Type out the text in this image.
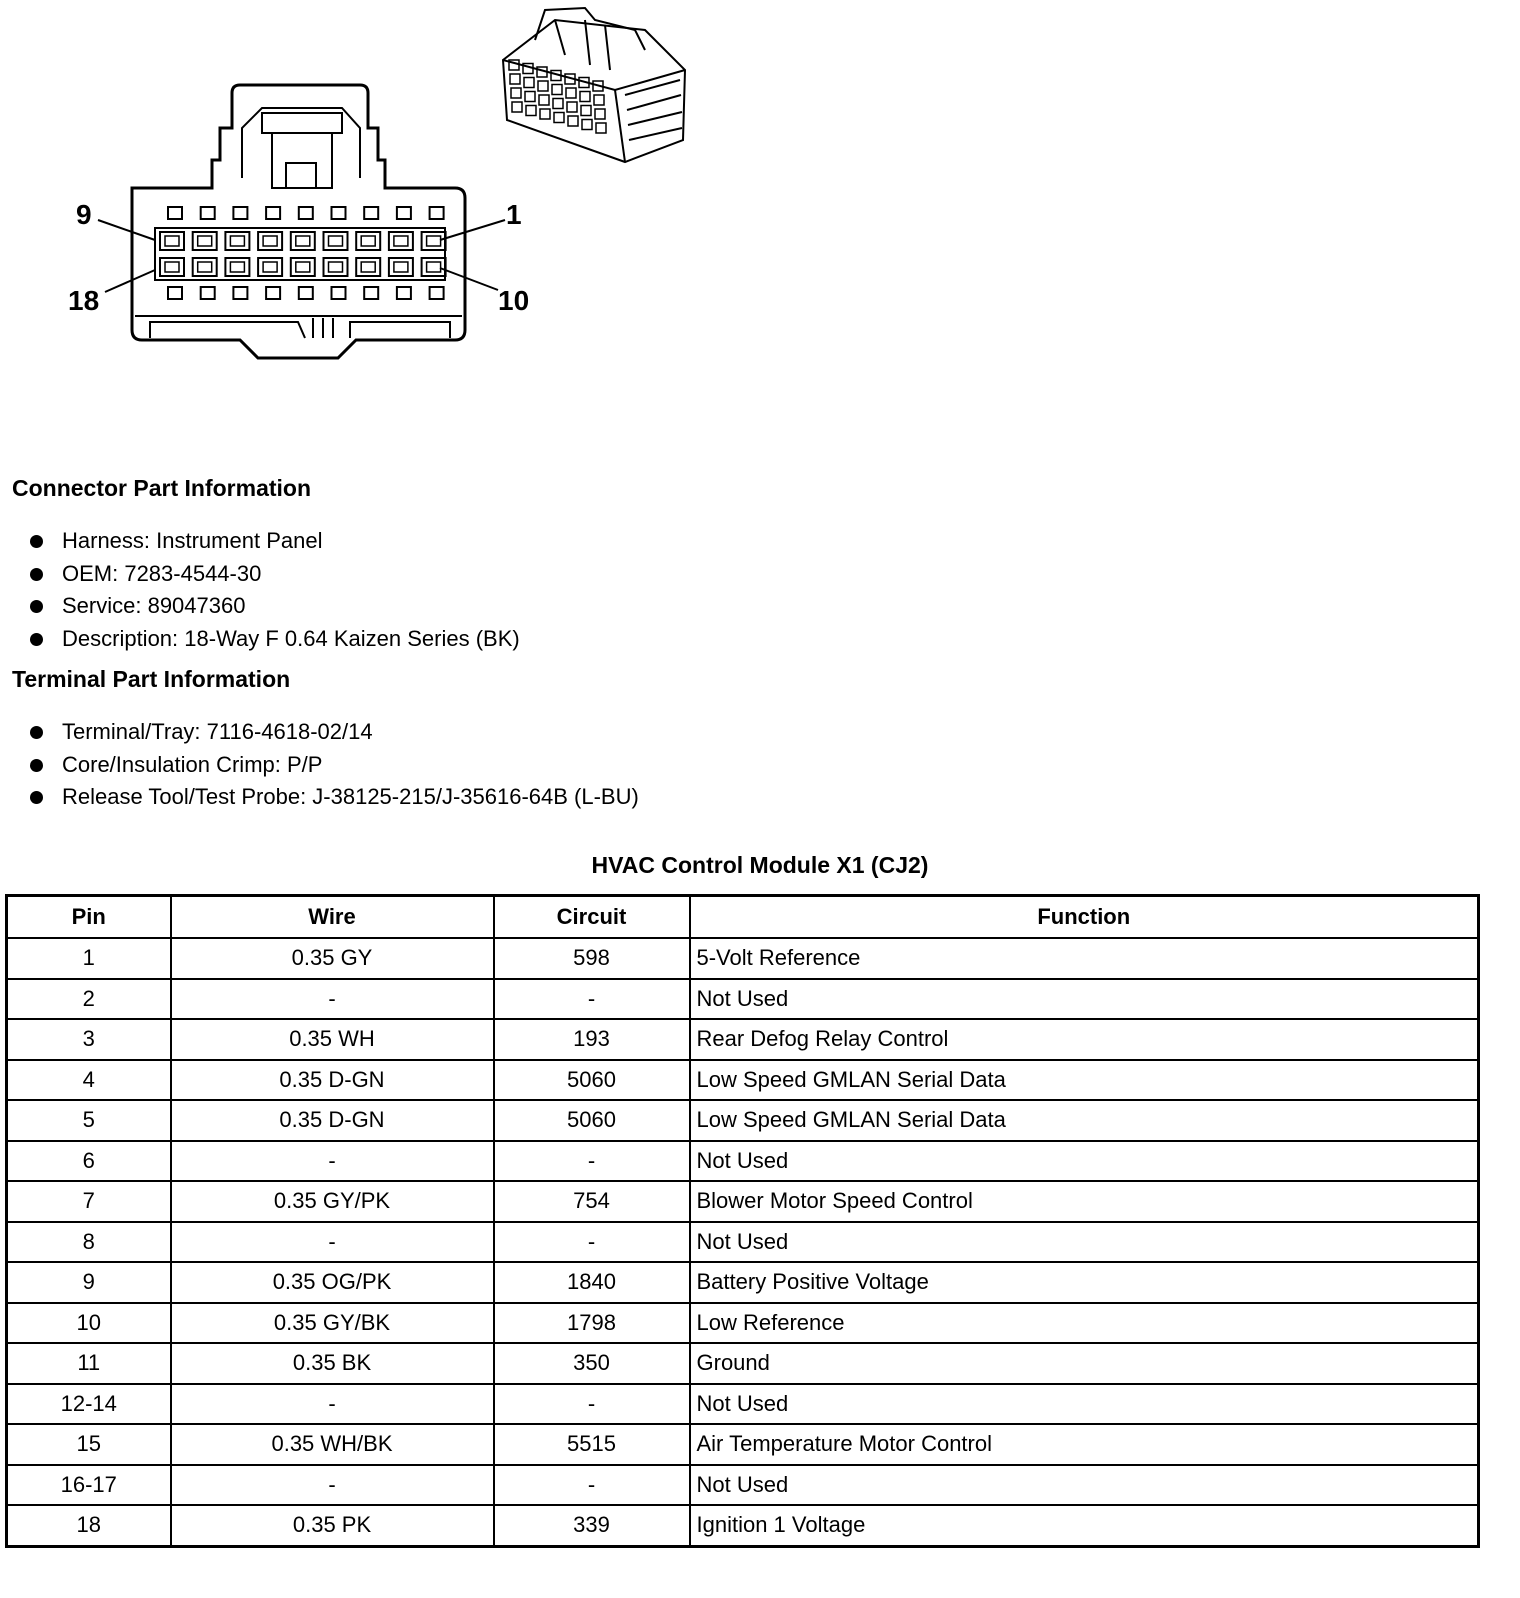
9	1
18	10
Connector Part Information
Harness: Instrument Panel
OEM: 7283-4544-30
Service: 89047360
Description: 18-Way F 0.64 Kaizen Series (BK)
Terminal Part Information
Terminal/Tray: 7116-4618-02/14
Core/Insulation Crimp: P/P
Release Tool/Test Probe: J-38125-215/J-35616-64B (L-BU)
HVAC Control Module X1 (CJ2)
Pin	Wire	Circuit	Function
1	0.35 GY	598	5-Volt Reference
2	-	-	Not Used
3	0.35 WH	193	Rear Defog Relay Control
4	0.35 D-GN	5060	Low Speed GMLAN Serial Data
5	0.35 D-GN	5060	Low Speed GMLAN Serial Data
6	-	-	Not Used
7	0.35 GY/PK	754	Blower Motor Speed Control
8	-	-	Not Used
9	0.35 OG/PK	1840	Battery Positive Voltage
10	0.35 GY/BK	1798	Low Reference
11	0.35 BK	350	Ground
12-14	-	-	Not Used
15	0.35 WH/BK	5515	Air Temperature Motor Control
16-17	-	-	Not Used
18	0.35 PK	339	Ignition 1 Voltage
